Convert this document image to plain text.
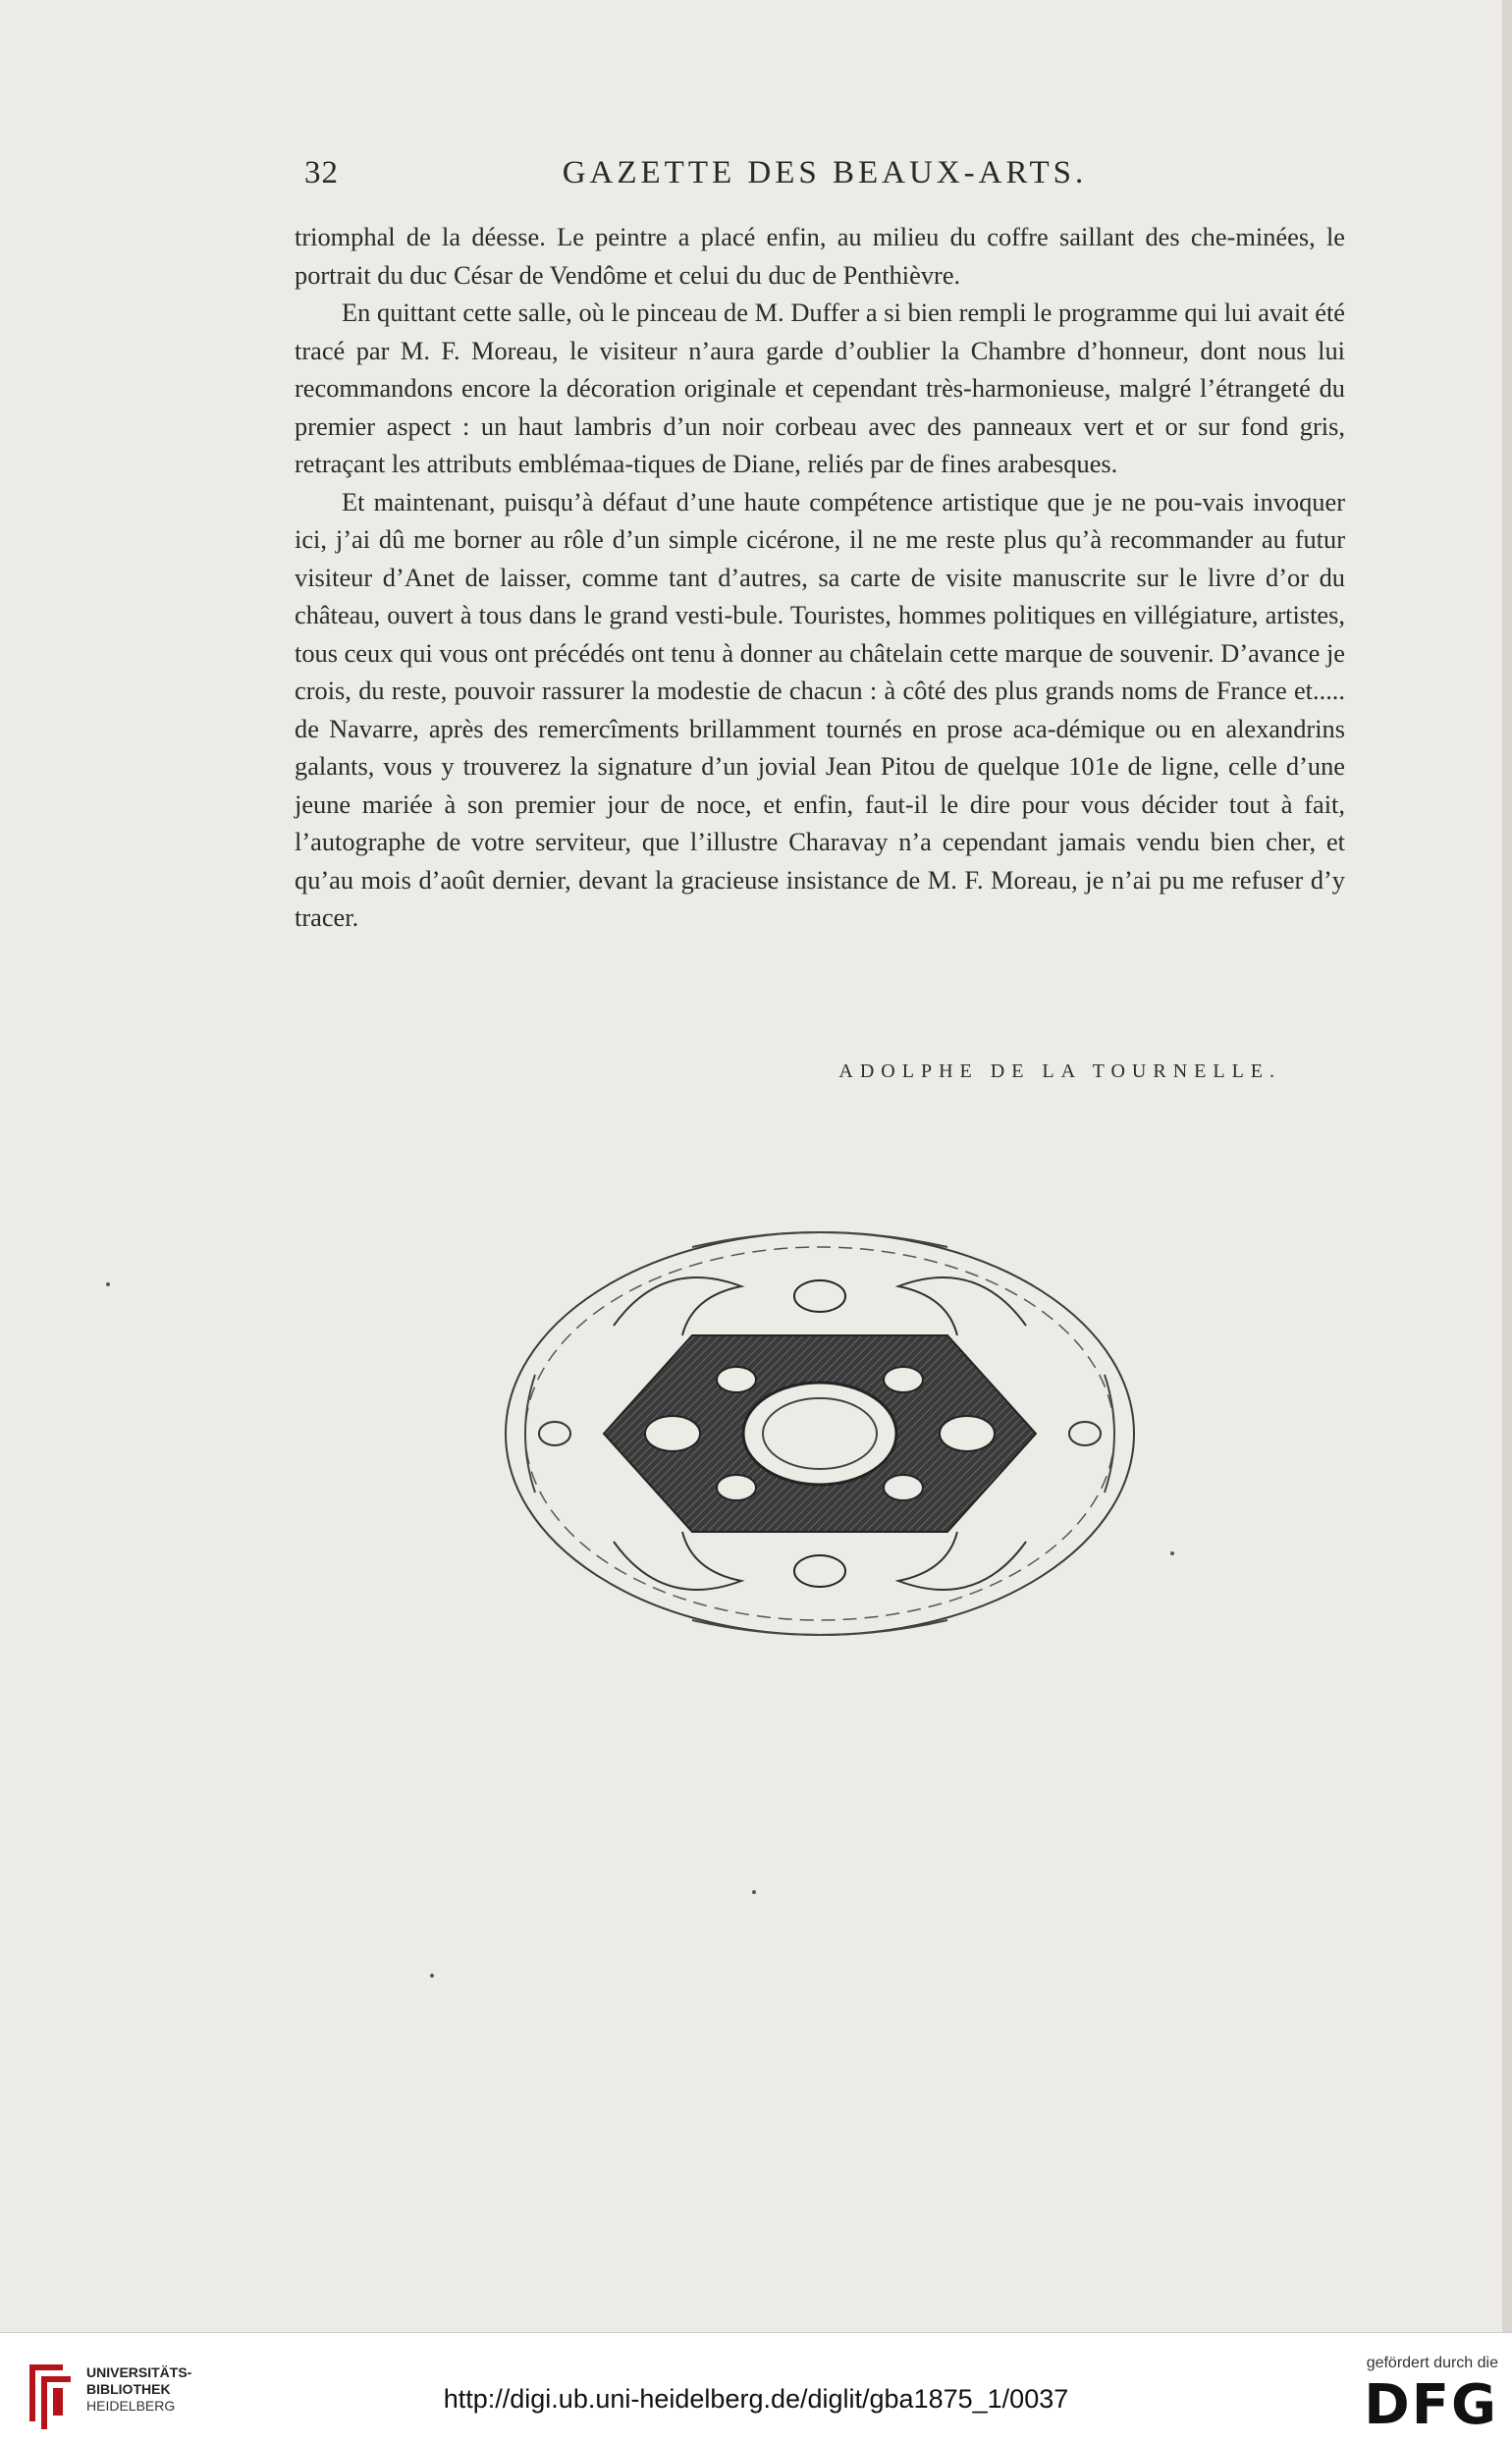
32	GAZETTE DES BEAUX-ARTS.

triomphal de la déesse. Le peintre a placé enfin, au milieu du coffre saillant des che-minées, le portrait du duc César de Vendôme et celui du duc de Penthièvre.

En quittant cette salle, où le pinceau de M. Duffer a si bien rempli le programme qui lui avait été tracé par M. F. Moreau, le visiteur n’aura garde d’oublier la Chambre d’honneur, dont nous lui recommandons encore la décoration originale et cependant très-harmonieuse, malgré l’étrangeté du premier aspect : un haut lambris d’un noir corbeau avec des panneaux vert et or sur fond gris, retraçant les attributs emblémaa-tiques de Diane, reliés par de fines arabesques.

Et maintenant, puisqu’à défaut d’une haute compétence artistique que je ne pou-vais invoquer ici, j’ai dû me borner au rôle d’un simple cicérone, il ne me reste plus qu’à recommander au futur visiteur d’Anet de laisser, comme tant d’autres, sa carte de visite manuscrite sur le livre d’or du château, ouvert à tous dans le grand vesti-bule. Touristes, hommes politiques en villégiature, artistes, tous ceux qui vous ont précédés ont tenu à donner au châtelain cette marque de souvenir. D’avance je crois, du reste, pouvoir rassurer la modestie de chacun : à côté des plus grands noms de France et..... de Navarre, après des remercîments brillamment tournés en prose aca-démique ou en alexandrins galants, vous y trouverez la signature d’un jovial Jean Pitou de quelque 101e de ligne, celle d’une jeune mariée à son premier jour de noce, et enfin, faut-il le dire pour vous décider tout à fait, l’autographe de votre serviteur, que l’illustre Charavay n’a cependant jamais vendu bien cher, et qu’au mois d’août dernier, devant la gracieuse insistance de M. F. Moreau, je n’ai pu me refuser d’y tracer.

ADOLPHE DE LA TOURNELLE.
UNIVERSITÄTS-
BIBLIOTHEK
HEIDELBERG	http://digi.ub.uni-heidelberg.de/diglit/gba1875_1/0037
gefördert durch die
DFG
